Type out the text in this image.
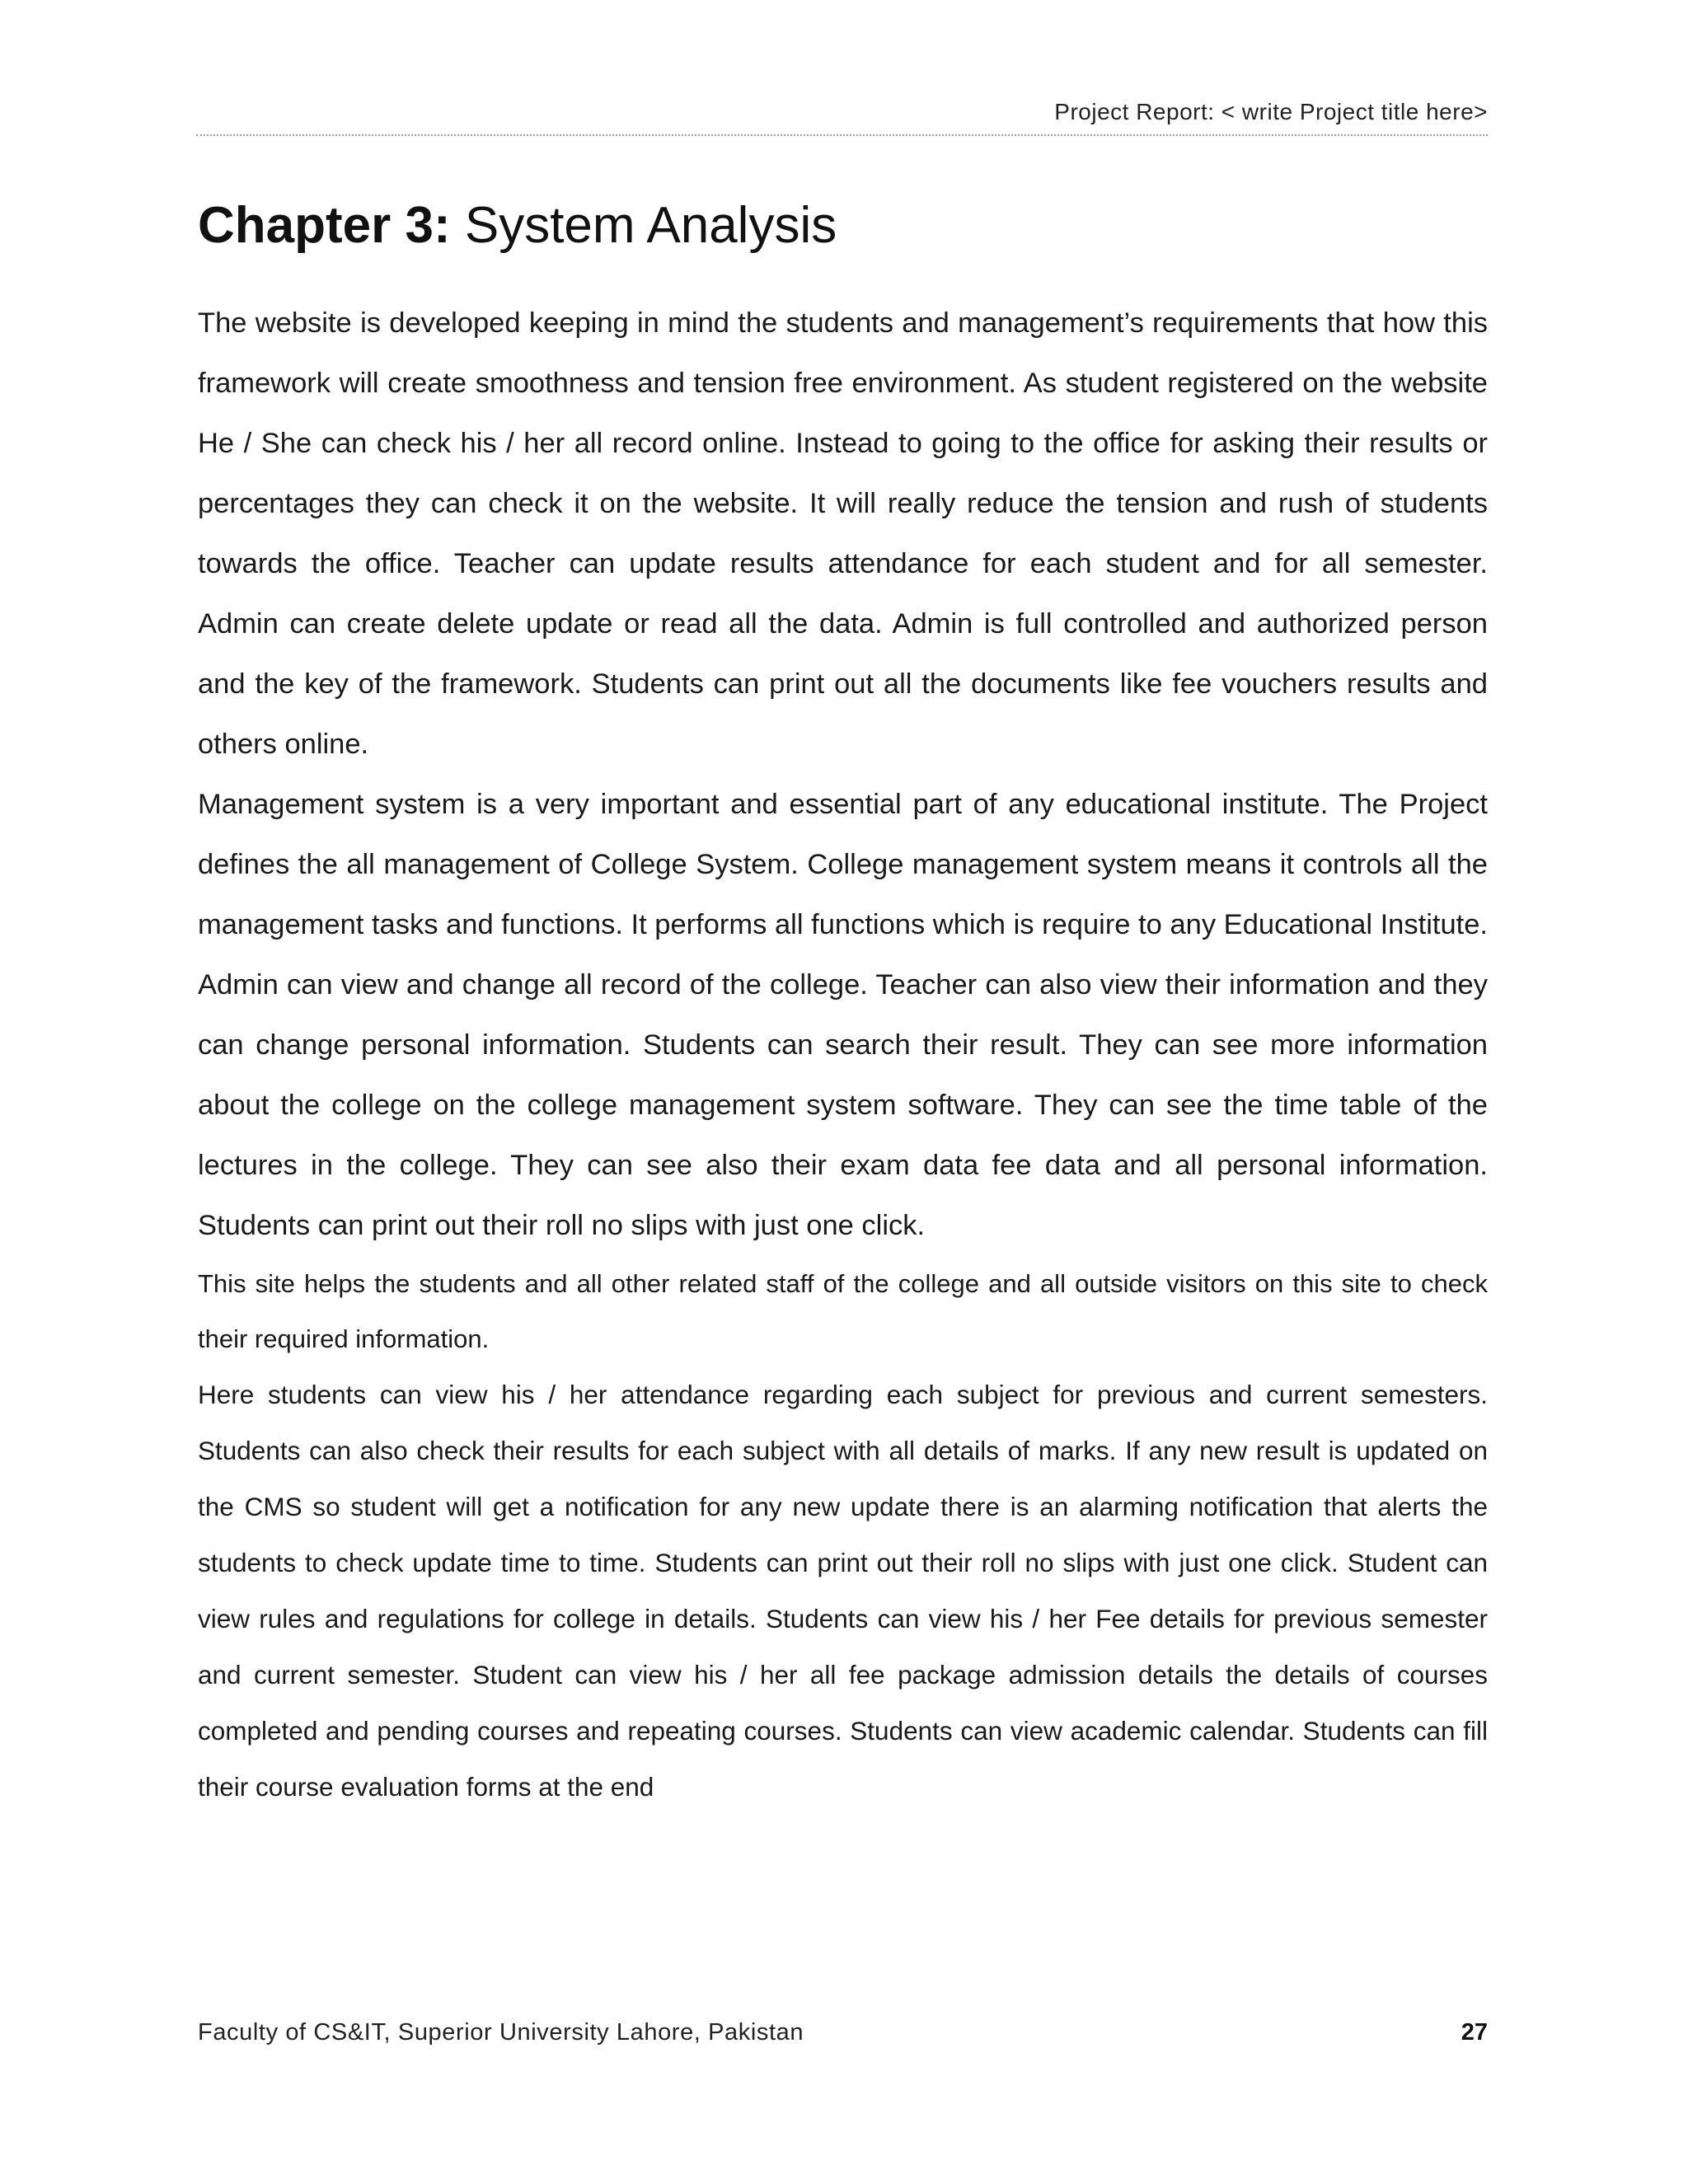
Project Report: < write Project title here>
Chapter 3: System Analysis

The website is developed keeping in mind the students and management’s requirements that how this framework will create smoothness and tension free environment. As student registered on the website He / She can check his / her all record online. Instead to going to the office for asking their results or percentages they can check it on the website. It will really reduce the tension and rush of students towards the office. Teacher can update results attendance for each student and for all semester. Admin can create delete update or read all the data. Admin is full controlled and authorized person and the key of the framework. Students can print out all the documents like fee vouchers results and others online.

Management system is a very important and essential part of any educational institute. The Project defines the all management of College System. College management system means it controls all the management tasks and functions. It performs all functions which is require to any Educational Institute. Admin can view and change all record of the college. Teacher can also view their information and they can change personal information. Students can search their result. They can see more information about the college on the college management system software. They can see the time table of the lectures in the college. They can see also their exam data fee data and all personal information. Students can print out their roll no slips with just one click.

This site helps the students and all other related staff of the college and all outside visitors on this site to check their required information.

Here students can view his / her attendance regarding each subject for previous and current semesters. Students can also check their results for each subject with all details of marks. If any new result is updated on the CMS so student will get a notification for any new update there is an alarming notification that alerts the students to check update time to time. Students can print out their roll no slips with just one click. Student can view rules and regulations for college in details. Students can view his / her Fee details for previous semester and current semester. Student can view his / her all fee package admission details the details of courses completed and pending courses and repeating courses. Students can view academic calendar. Students can fill their course evaluation forms at the end

Faculty of CS&IT, Superior University Lahore, Pakistan	27
